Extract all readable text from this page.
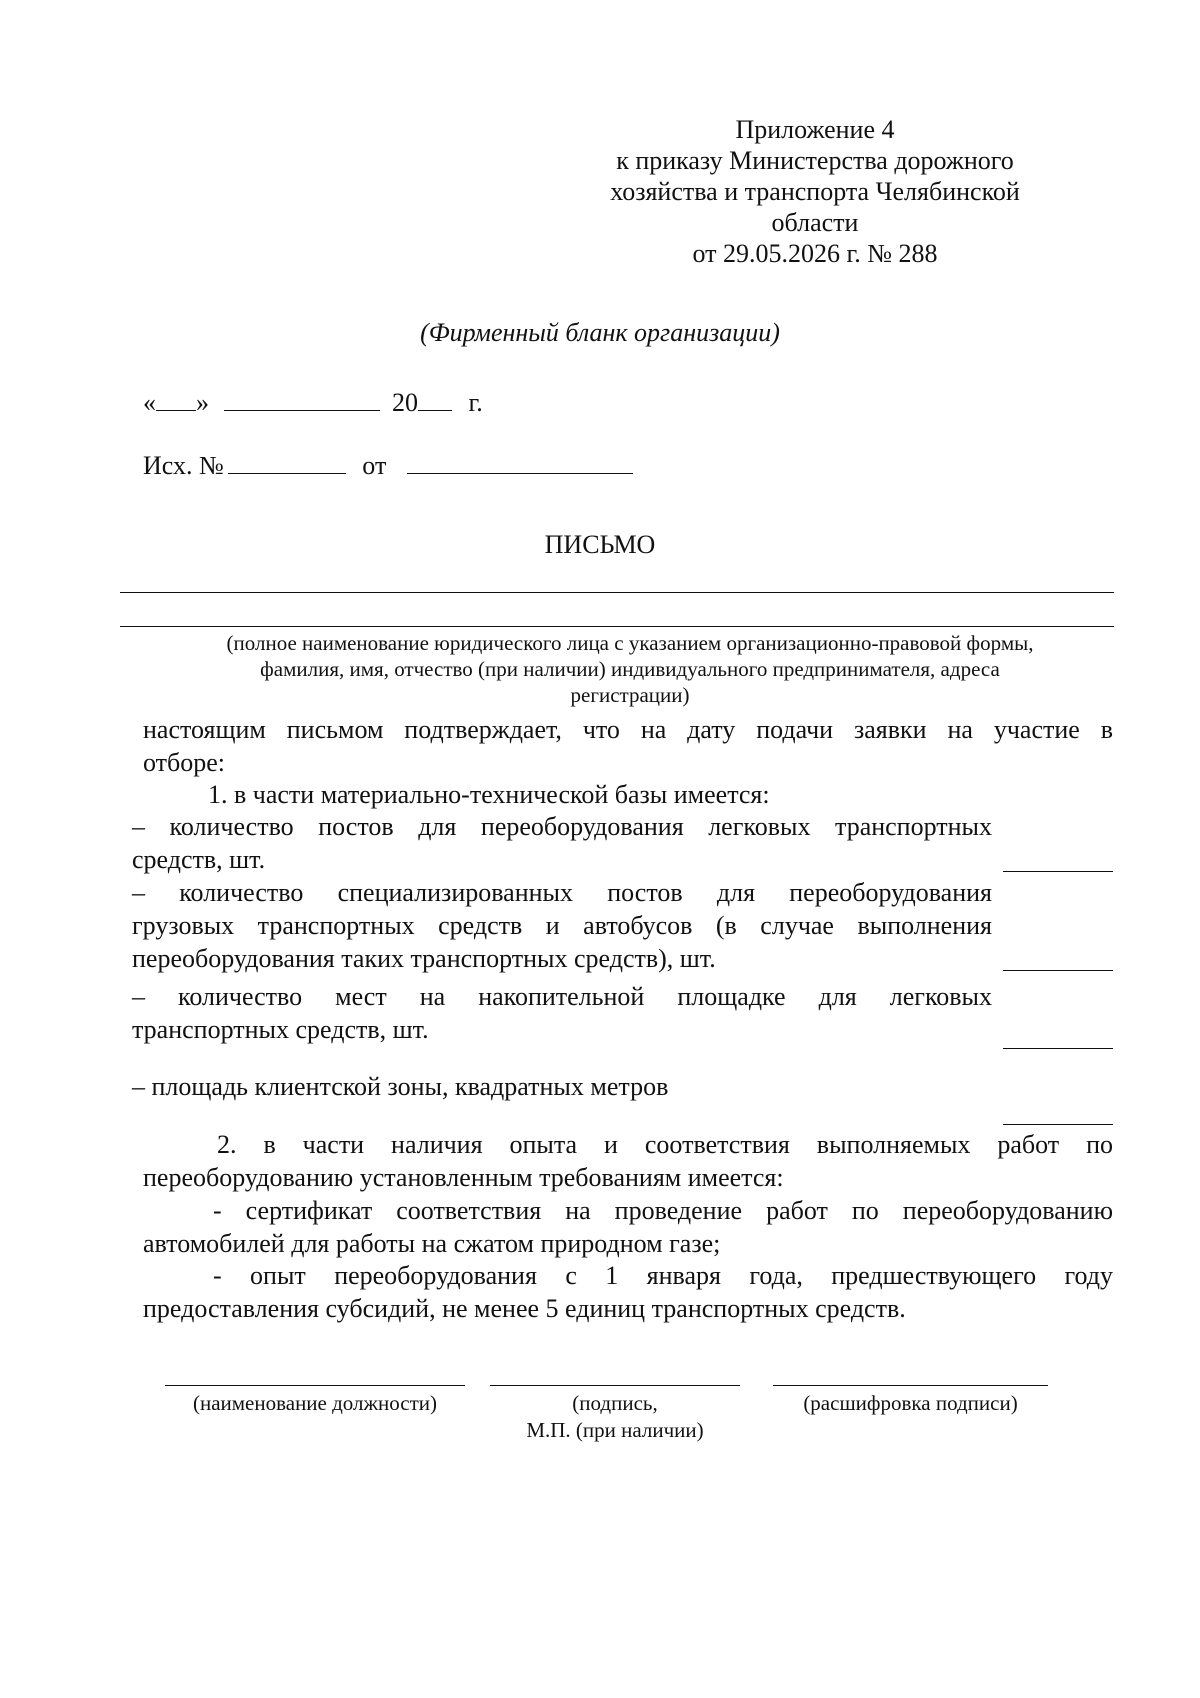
Приложение 4
к приказу Министерства дорожного
хозяйства и транспорта Челябинской
области
от 29.05.2026 г. № 288
(Фирменный бланк организации)
« »	20 г.
Исх. №	от
ПИСЬМО
(полное наименование юридического лица с указанием организационно-правовой формы,
фамилия, имя, отчество (при наличии) индивидуального предпринимателя, адреса
регистрации)
настоящим письмом подтверждает, что на дату подачи заявки на участие в
отборе:
1. в части материально-технической базы имеется:
– количество постов для переоборудования легковых транспортных
средств, шт.
– количество специализированных постов для переоборудования
грузовых транспортных средств и автобусов (в случае выполнения
переоборудования таких транспортных средств), шт.
– количество мест на накопительной площадке для легковых
транспортных средств, шт.
– площадь клиентской зоны, квадратных метров
2. в части наличия опыта и соответствия выполняемых работ по
переоборудованию установленным требованиям имеется:
- сертификат соответствия на проведение работ по переоборудованию
автомобилей для работы на сжатом природном газе;
- опыт переоборудования с 1 января года, предшествующего году
предоставления субсидий, не менее 5 единиц транспортных средств.
(наименование должности)	(подпись,
М.П. (при наличии)
(расшифровка подписи)
